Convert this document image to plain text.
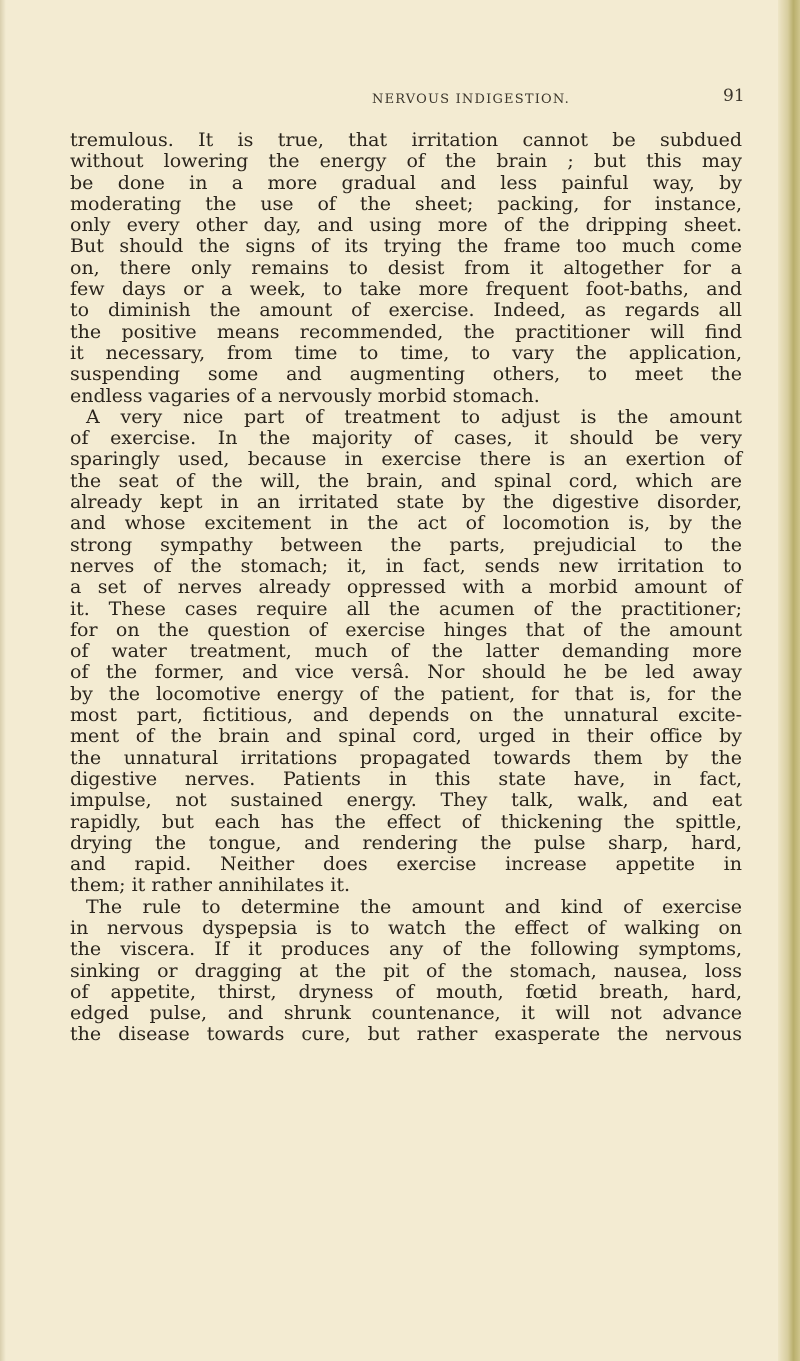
NERVOUS INDIGESTION.	91
tremulous. It is true, that irritation cannot be subdued
without lowering the energy of the brain ; but this may
be done in a more gradual and less painful way, by
moderating the use of the sheet; packing, for instance,
only every other day, and using more of the dripping sheet.
But should the signs of its trying the frame too much come
on, there only remains to desist from it altogether for a
few days or a week, to take more frequent foot-baths, and
to diminish the amount of exercise. Indeed, as regards all
the positive means recommended, the practitioner will find
it necessary, from time to time, to vary the application,
suspending some and augmenting others, to meet the
endless vagaries of a nervously morbid stomach.
A very nice part of treatment to adjust is the amount
of exercise. In the majority of cases, it should be very
sparingly used, because in exercise there is an exertion of
the seat of the will, the brain, and spinal cord, which are
already kept in an irritated state by the digestive disorder,
and whose excitement in the act of locomotion is, by the
strong sympathy between the parts, prejudicial to the
nerves of the stomach; it, in fact, sends new irritation to
a set of nerves already oppressed with a morbid amount of
it. These cases require all the acumen of the practitioner;
for on the question of exercise hinges that of the amount
of water treatment, much of the latter demanding more
of the former, and vice versâ. Nor should he be led away
by the locomotive energy of the patient, for that is, for the
most part, fictitious, and depends on the unnatural excite-
ment of the brain and spinal cord, urged in their office by
the unnatural irritations propagated towards them by the
digestive nerves. Patients in this state have, in fact,
impulse, not sustained energy. They talk, walk, and eat
rapidly, but each has the effect of thickening the spittle,
drying the tongue, and rendering the pulse sharp, hard,
and rapid. Neither does exercise increase appetite in
them; it rather annihilates it.
The rule to determine the amount and kind of exercise
in nervous dyspepsia is to watch the effect of walking on
the viscera. If it produces any of the following symptoms,
sinking or dragging at the pit of the stomach, nausea, loss
of appetite, thirst, dryness of mouth, fœtid breath, hard,
edged pulse, and shrunk countenance, it will not advance
the disease towards cure, but rather exasperate the nervous
